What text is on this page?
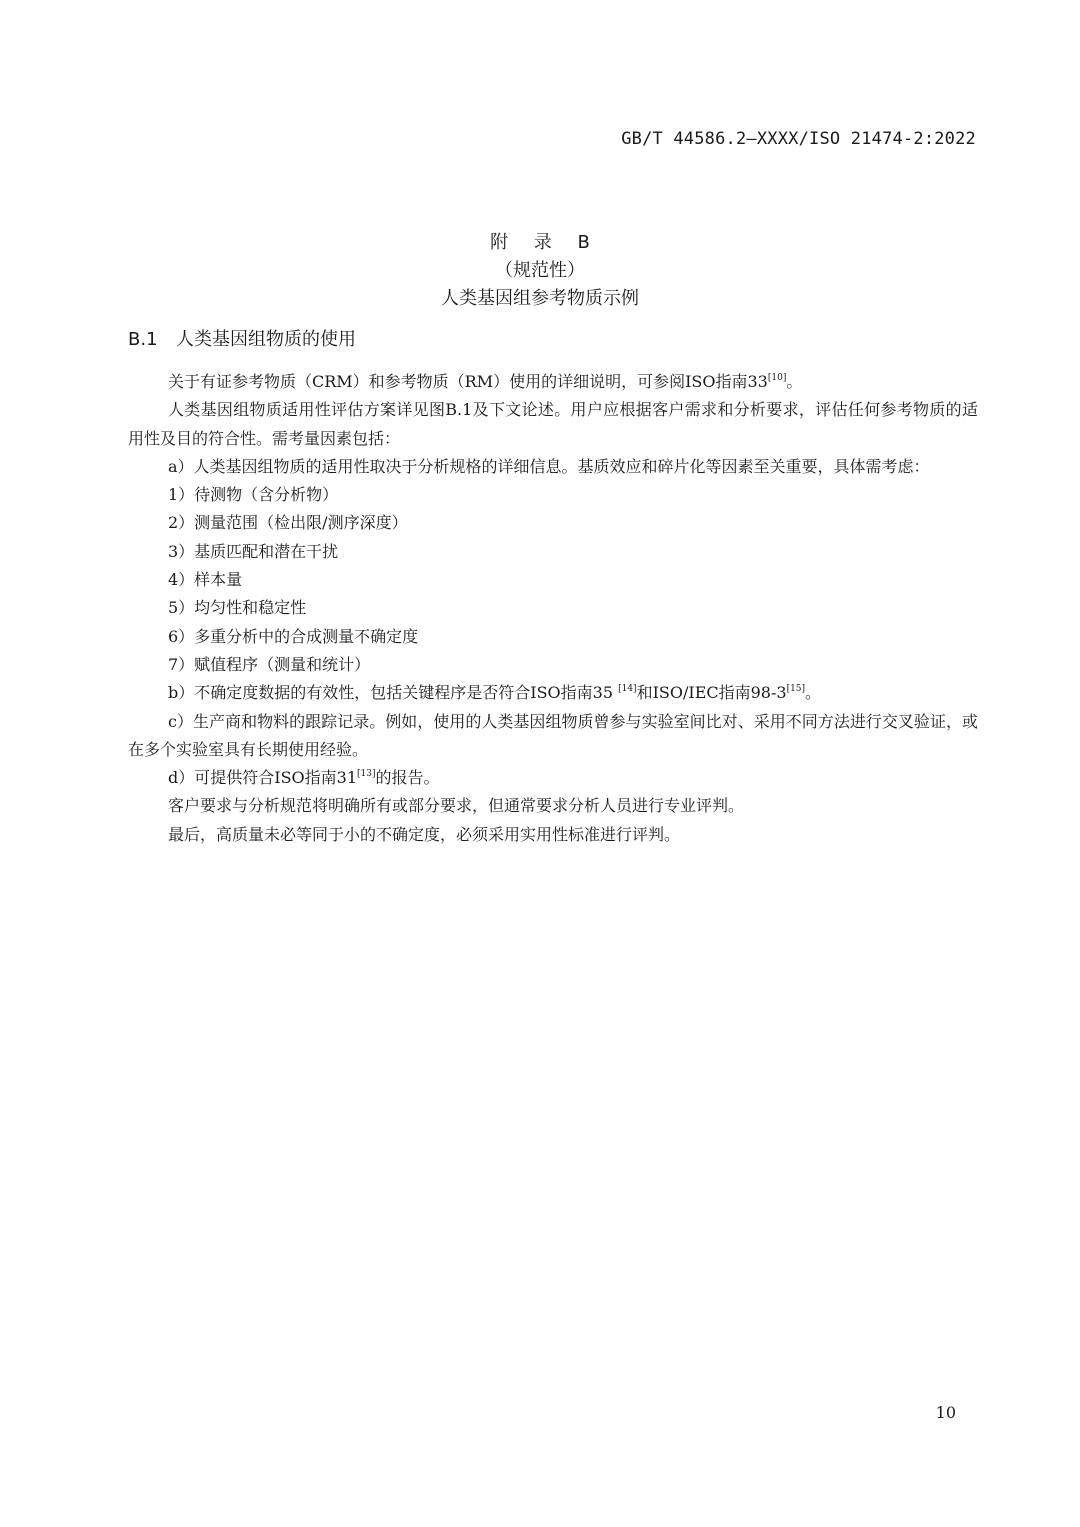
GB/T 44586.2—XXXX/ISO 21474-2:2022
附 录 B
（规范性）
人类基因组参考物质示例
B.1 人类基因组物质的使用

关于有证参考物质（CRM）和参考物质（RM）使用的详细说明，可参阅ISO指南33[10]。

人类基因组物质适用性评估方案详见图B.1及下文论述。用户应根据客户需求和分析要求，评估任何参考物质的适用性及目的符合性。需考量因素包括：

a）人类基因组物质的适用性取决于分析规格的详细信息。基质效应和碎片化等因素至关重要，具体需考虑：

1）待测物（含分析物）

2）测量范围（检出限/测序深度）

3）基质匹配和潜在干扰

4）样本量

5）均匀性和稳定性

6）多重分析中的合成测量不确定度

7）赋值程序（测量和统计）

b）不确定度数据的有效性，包括关键程序是否符合ISO指南35 [14]和ISO/IEC指南98-3[15]。

c）生产商和物料的跟踪记录。例如，使用的人类基因组物质曾参与实验室间比对、采用不同方法进行交叉验证，或在多个实验室具有长期使用经验。

d）可提供符合ISO指南31[13]的报告。

客户要求与分析规范将明确所有或部分要求，但通常要求分析人员进行专业评判。

最后，高质量未必等同于小的不确定度，必须采用实用性标准进行评判。

10
